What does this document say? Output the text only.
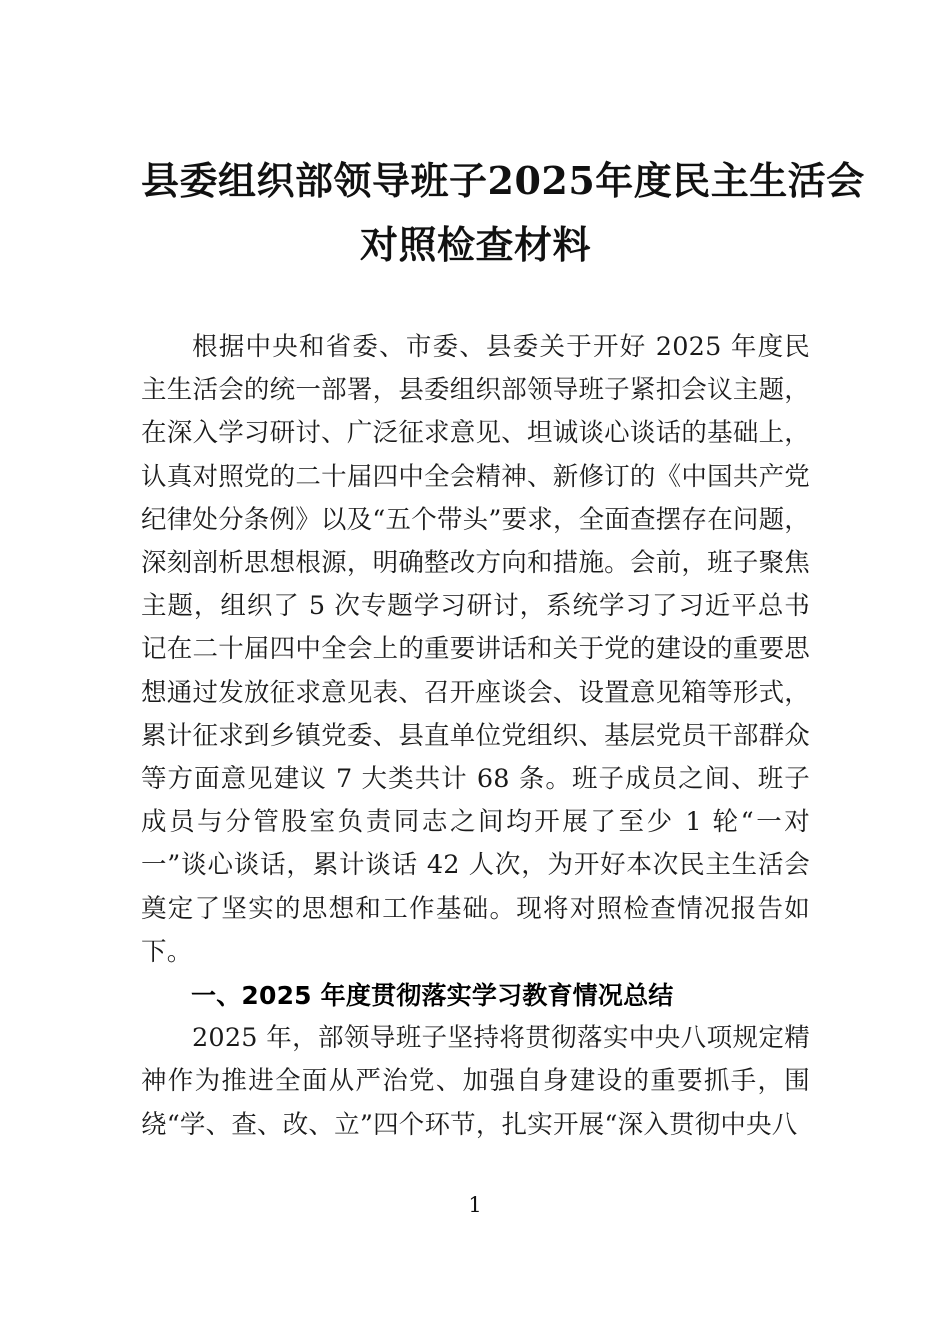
县委组织部领导班子2025年度民主生活会
对照检查材料

根据中央和省委、市委、县委关于开好 2025 年度民主生活会的统一部署，县委组织部领导班子紧扣会议主题，在深入学习研讨、广泛征求意见、坦诚谈心谈话的基础上，认真对照党的二十届四中全会精神、新修订的《中国共产党纪律处分条例》以及“五个带头”要求，全面查摆存在问题，深刻剖析思想根源，明确整改方向和措施。会前，班子聚焦主题，组织了 5 次专题学习研讨，系统学习了习近平总书记在二十届四中全会上的重要讲话和关于党的建设的重要思想通过发放征求意见表、召开座谈会、设置意见箱等形式，累计征求到乡镇党委、县直单位党组织、基层党员干部群众等方面意见建议 7 大类共计 68 条。班子成员之间、班子成员与分管股室负责同志之间均开展了至少 1 轮“一对一”谈心谈话，累计谈话 42 人次，为开好本次民主生活会奠定了坚实的思想和工作基础。现将对照检查情况报告如下。

一、2025 年度贯彻落实学习教育情况总结

2025 年，部领导班子坚持将贯彻落实中央八项规定精神作为推进全面从严治党、加强自身建设的重要抓手，围绕“学、查、改、立”四个环节，扎实开展“深入贯彻中央八

1
